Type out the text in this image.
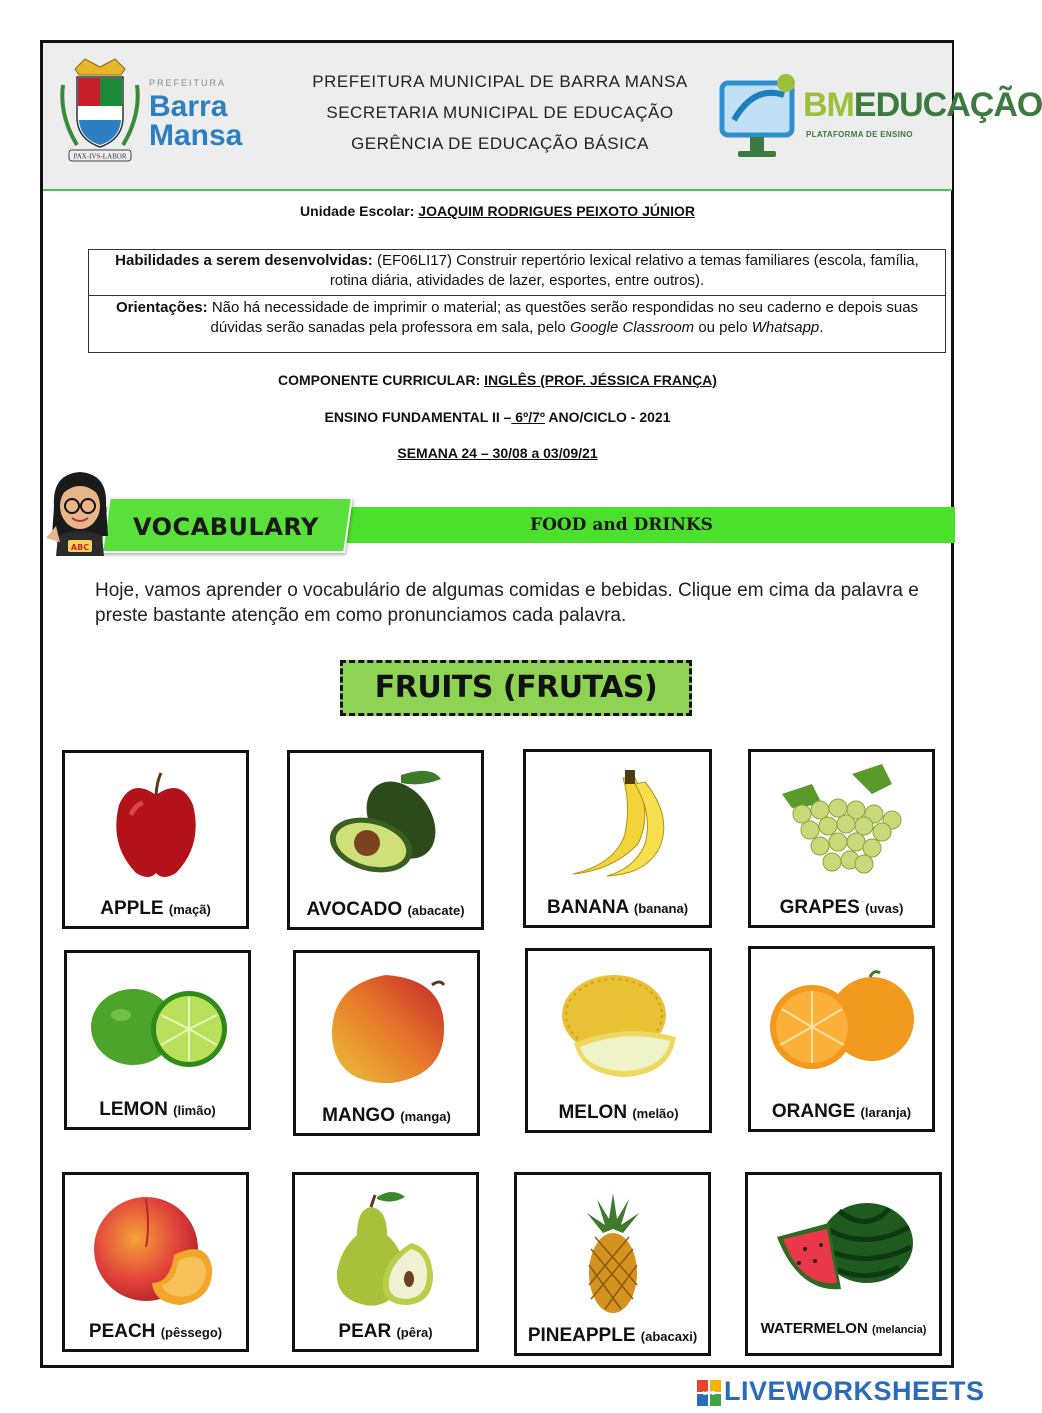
PAX-IVS-LABOR
PREFEITURA
Barra
Mansa
PREFEITURA MUNICIPAL DE BARRA MANSA
SECRETARIA MUNICIPAL DE EDUCAÇÃO
GERÊNCIA DE EDUCAÇÃO BÁSICA
BMEDUCAÇÃO
PLATAFORMA DE ENSINO
Unidade Escolar: JOAQUIM RODRIGUES PEIXOTO JÚNIOR
Habilidades a serem desenvolvidas: (EF06LI17) Construir repertório lexical relativo a temas familiares (escola, família, rotina diária, atividades de lazer, esportes, entre outros).
Orientações: Não há necessidade de imprimir o material; as questões serão respondidas no seu caderno e depois suas dúvidas serão sanadas pela professora em sala, pelo Google Classroom ou pelo Whatsapp.
COMPONENTE CURRICULAR: INGLÊS (PROF. JÉSSICA FRANÇA)
ENSINO FUNDAMENTAL II – 6º/7º ANO/CICLO - 2021
SEMANA 24 – 30/08 a 03/09/21
VOCABULARY	FOOD and DRINKS
ABC
Hoje, vamos aprender o vocabulário de algumas comidas e bebidas. Clique em cima da palavra e preste bastante atenção em como pronunciamos cada palavra.
FRUITS (FRUTAS)
APPLE (maçã)	AVOCADO (abacate)	BANANA (banana)	GRAPES (uvas)
LEMON (limão)	MANGO (manga)	MELON (melão)	ORANGE (laranja)
PEACH (pêssego)	PEAR (pêra)	PINEAPPLE (abacaxi)	WATERMELON (melancia)
LIVE LIVEWORKSHEETS
